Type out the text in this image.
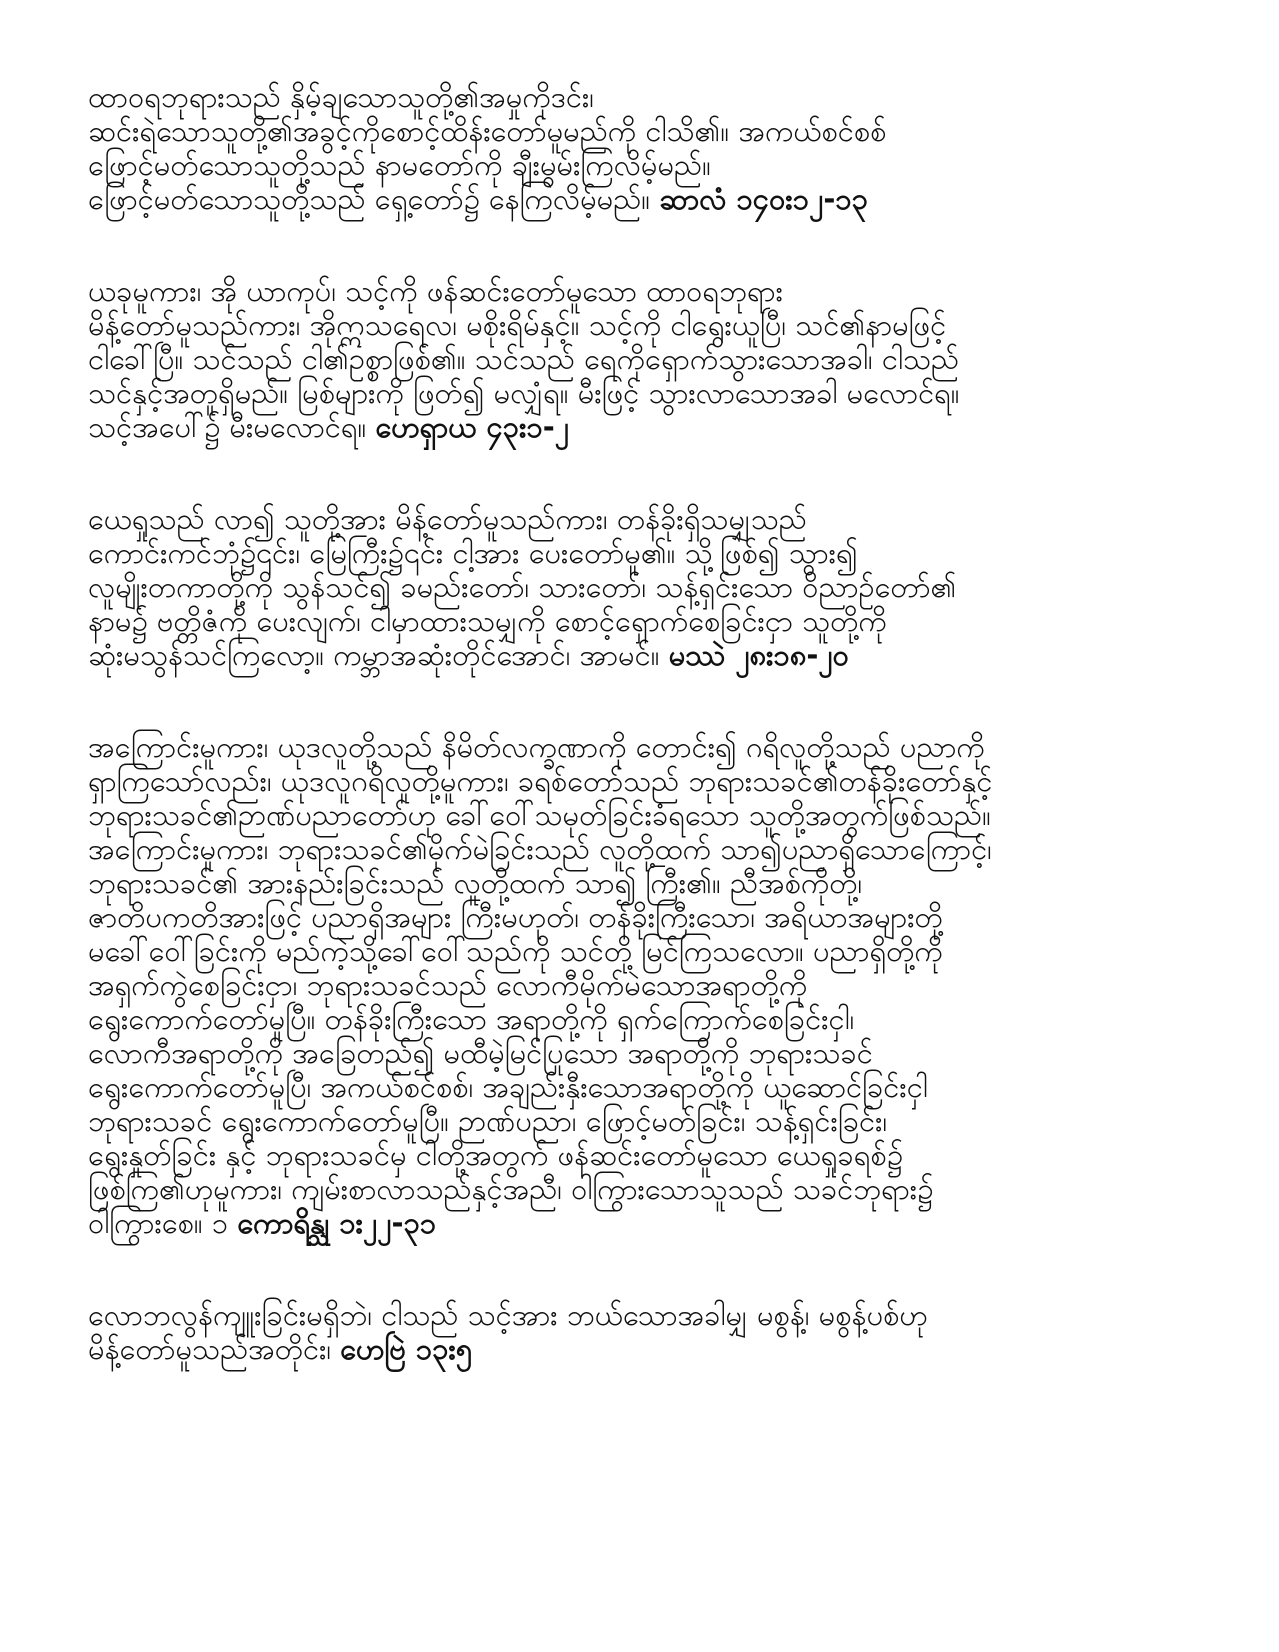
ထာဝရဘုရားသည် နှိမ့်ချသောသူတို့၏အမှုကိုဒင်း၊
ဆင်းရဲသောသူတို့၏အခွင့်ကိုစောင့်ထိန်းတော်မူမည်ကို ငါသိ၏။ အကယ်စင်စစ်
ဖြောင့်မတ်သောသူတို့သည် နာမတော်ကို ချီးမွမ်းကြလိမ့်မည်။
ဖြောင့်မတ်သောသူတို့သည် ရှေ့တော်၌ နေကြလိမ့်မည်။ ဆာလံ ၁၄၀း၁၂-၁၃
ယခုမူကား၊ အို ယာကုပ်၊ သင့်ကို ဖန်ဆင်းတော်မူသော ထာဝရဘုရား
မိန့်တော်မူသည်ကား၊ အိုဣသရေလ၊ မစိုးရိမ်နှင့်။ သင့်ကို ငါရွေးယူပြီ၊ သင်၏နာမဖြင့်
ငါခေါ်ပြီ။ သင်သည် ငါ၏ဥစ္စာဖြစ်၏။ သင်သည် ရေကိုရှောက်သွားသောအခါ၊ ငါသည်
သင်နှင့်အတူရှိမည်။ မြစ်များကို ဖြတ်၍ မလျှံရ။ မီးဖြင့် သွားလာသောအခါ မလောင်ရ။
သင့်အပေါ်၌ မီးမလောင်ရ။ ဟေရှာယ ၄၃း၁-၂
ယေရှုသည် လာ၍ သူတို့အား မိန့်တော်မူသည်ကား၊ တန်ခိုးရှိသမျှသည်
ကောင်းကင်ဘုံ၌၎င်း၊ မြေကြီး၌၎င်း ငါ့အား ပေးတော်မူ၏။ သို့ဖြစ်၍ သွား၍
လူမျိုးတကာတို့ကို သွန်သင်၍ ခမည်းတော်၊ သားတော်၊ သန့်ရှင်းသော ဝိညာဉ်တော်၏
နာမ၌ ဗတ္တိဇံကို ပေးလျက်၊ ငါမှာထားသမျှကို စောင့်ရှောက်စေခြင်းငှာ သူတို့ကို
ဆုံးမသွန်သင်ကြလော့။ ကမ္ဘာအဆုံးတိုင်အောင်၊ အာမင်။ မဿဲ ၂၈း၁၈-၂၀
အကြောင်းမူကား၊ ယုဒလူတို့သည် နိမိတ်လက္ခဏာကို တောင်း၍ ဂရိလူတို့သည် ပညာကို
ရှာကြသော်လည်း၊ ယုဒလူဂရိလူတို့မူကား၊ ခရစ်တော်သည် ဘုရားသခင်၏တန်ခိုးတော်နှင့်
ဘုရားသခင်၏ဉာဏ်ပညာတော်ဟု ခေါ်ဝေါ်သမုတ်ခြင်းခံရသော သူတို့အတွက်ဖြစ်သည်။
အကြောင်းမူကား၊ ဘုရားသခင်၏မိုက်မဲခြင်းသည် လူတို့ထက် သာ၍ပညာရှိသောကြောင့်၊
ဘုရားသခင်၏ အားနည်းခြင်းသည် လူတို့ထက် သာ၍ ကြီး၏။ ညီအစ်ကိုတို့၊
ဇာတိပကတိအားဖြင့် ပညာရှိအများ ကြီးမဟုတ်၊ တန်ခိုးကြီးသော၊ အရိယာအများတို့
မခေါ်ဝေါ်ခြင်းကို မည်ကဲ့သို့ခေါ်ဝေါ်သည်ကို သင်တို့ မြင်ကြသလော။ ပညာရှိတို့ကို
အရှက်ကွဲစေခြင်းငှာ၊ ဘုရားသခင်သည် လောကီမိုက်မဲသောအရာတို့ကို
ရွေးကောက်တော်မူပြီ။ တန်ခိုးကြီးသော အရာတို့ကို ရှက်ကြောက်စေခြင်းငှါ၊
လောကီအရာတို့ကို အခြေတည်၍ မထီမဲ့မြင်ပြုသော အရာတို့ကို ဘုရားသခင်
ရွေးကောက်တော်မူပြီ၊ အကယ်စင်စစ်၊ အချည်းနှီးသောအရာတို့ကို ယူဆောင်ခြင်းငှါ
ဘုရားသခင် ရွေးကောက်တော်မူပြီ။ ဉာဏ်ပညာ၊ ဖြောင့်မတ်ခြင်း၊ သန့်ရှင်းခြင်း၊
ရွေးနှုတ်ခြင်း နှင့် ဘုရားသခင်မှ ငါတို့အတွက် ဖန်ဆင်းတော်မူသော ယေရှုခရစ်၌
ဖြစ်ကြ၏ဟုမူကား၊ ကျမ်းစာလာသည်နှင့်အညီ၊ ဝါကြွားသောသူသည် သခင်ဘုရား၌
ဝါကြွားစေ။ ၁ ကောရိန္သု ၁း၂၂-၃၁
လောဘလွန်ကျူးခြင်းမရှိဘဲ၊ ငါသည် သင့်အား ဘယ်သောအခါမျှ မစွန့်၊ မစွန့်ပစ်ဟု
မိန့်တော်မူသည်အတိုင်း၊ ဟေဗြဲ ၁၃း၅
